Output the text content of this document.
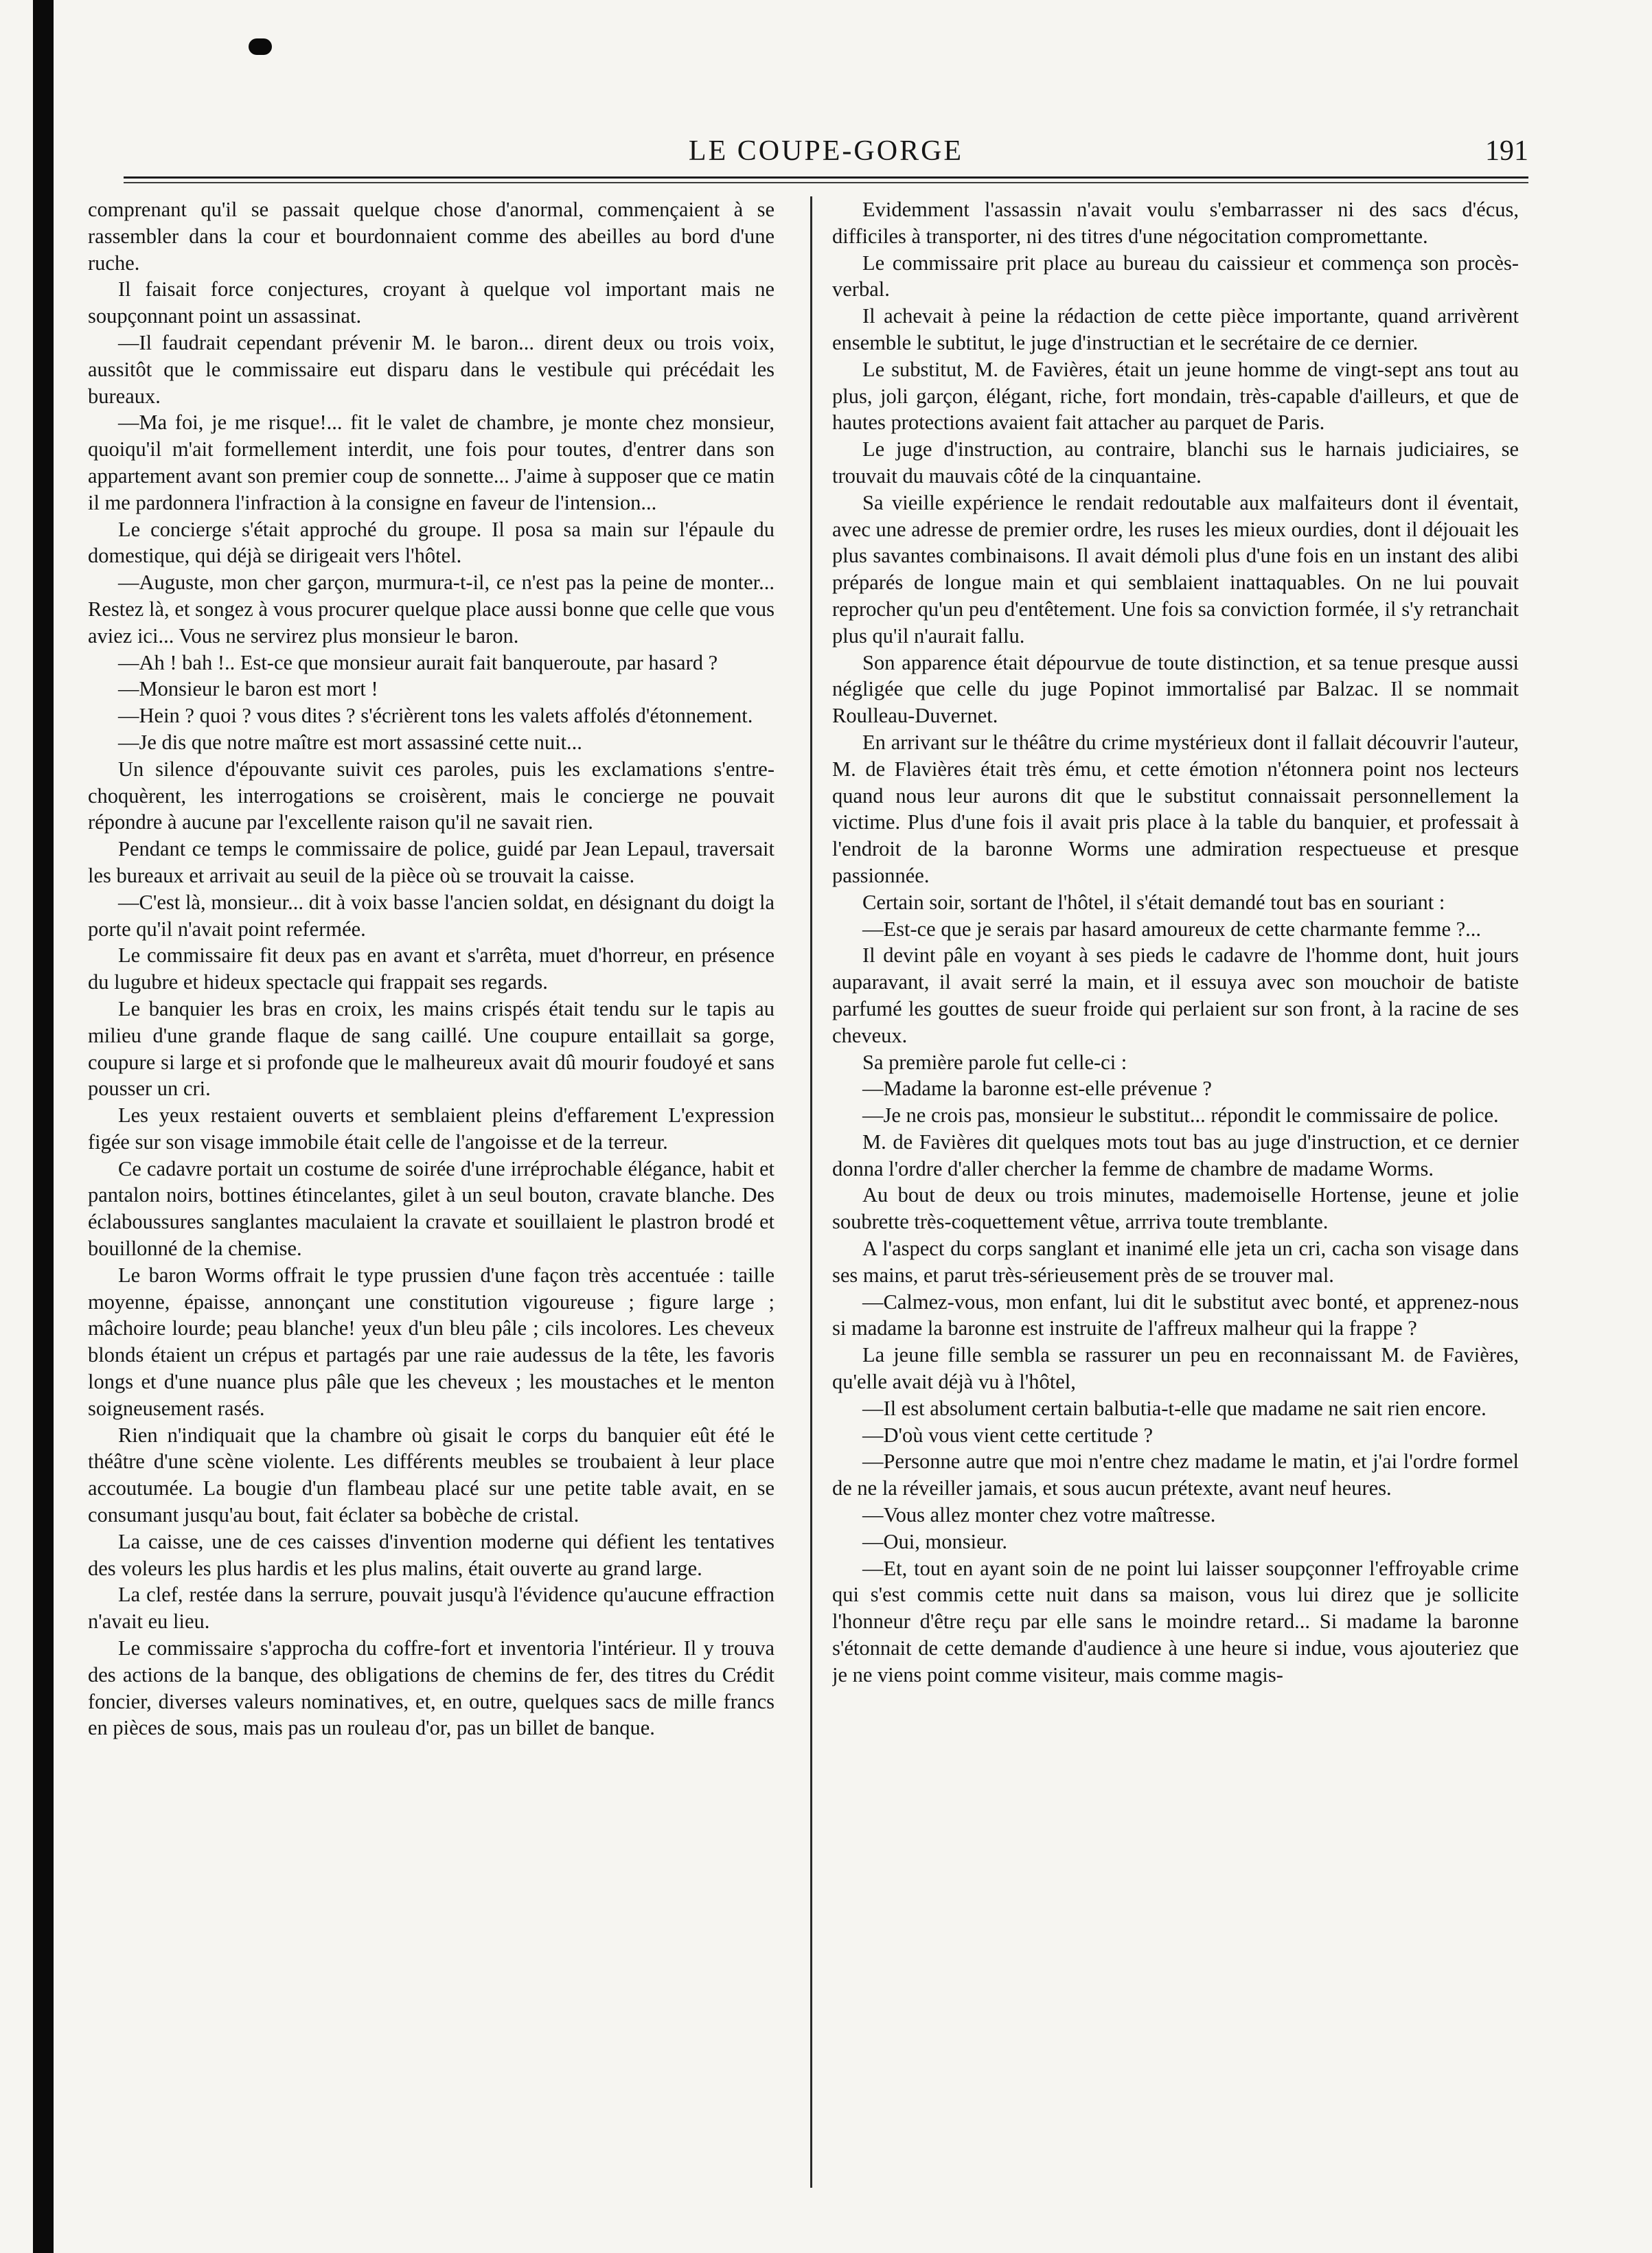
LE COUPE-GORGE	191

comprenant qu'il se passait quelque chose d'anormal, commençaient à se rassembler dans la cour et bourdonnaient comme des abeilles au bord d'une ruche.

Il faisait force conjectures, croyant à quelque vol important mais ne soupçonnant point un assassinat.

—Il faudrait cependant prévenir M. le baron... dirent deux ou trois voix, aussitôt que le commissaire eut disparu dans le vestibule qui précédait les bureaux.

—Ma foi, je me risque!... fit le valet de chambre, je monte chez monsieur, quoiqu'il m'ait formellement interdit, une fois pour toutes, d'entrer dans son appartement avant son premier coup de sonnette... J'aime à supposer que ce matin il me pardonnera l'infraction à la consigne en faveur de l'intension...

Le concierge s'était approché du groupe. Il posa sa main sur l'épaule du domestique, qui déjà se dirigeait vers l'hôtel.

—Auguste, mon cher garçon, murmura-t-il, ce n'est pas la peine de monter... Restez là, et songez à vous procurer quelque place aussi bonne que celle que vous aviez ici... Vous ne servirez plus monsieur le baron.

—Ah ! bah !.. Est-ce que monsieur aurait fait banqueroute, par hasard ?

—Monsieur le baron est mort !

—Hein ? quoi ? vous dites ? s'écrièrent tons les valets affolés d'étonnement.

—Je dis que notre maître est mort assassiné cette nuit...

Un silence d'épouvante suivit ces paroles, puis les exclamations s'entre-choquèrent, les interrogations se croisèrent, mais le concierge ne pouvait répondre à aucune par l'excellente raison qu'il ne savait rien.

Pendant ce temps le commissaire de police, guidé par Jean Lepaul, traversait les bureaux et arrivait au seuil de la pièce où se trouvait la caisse.

—C'est là, monsieur... dit à voix basse l'ancien soldat, en désignant du doigt la porte qu'il n'avait point refermée.

Le commissaire fit deux pas en avant et s'arrêta, muet d'horreur, en présence du lugubre et hideux spectacle qui frappait ses regards.

Le banquier les bras en croix, les mains crispés était tendu sur le tapis au milieu d'une grande flaque de sang caillé. Une coupure entaillait sa gorge, coupure si large et si profonde que le malheureux avait dû mourir foudoyé et sans pousser un cri.

Les yeux restaient ouverts et semblaient pleins d'effarement L'expression figée sur son visage immobile était celle de l'angoisse et de la terreur.

Ce cadavre portait un costume de soirée d'une irréprochable élégance, habit et pantalon noirs, bottines étincelantes, gilet à un seul bouton, cravate blanche. Des éclaboussures sanglantes maculaient la cravate et souillaient le plastron brodé et bouillonné de la chemise.

Le baron Worms offrait le type prussien d'une façon très accentuée : taille moyenne, épaisse, annonçant une constitution vigoureuse ; figure large ; mâchoire lourde; peau blanche! yeux d'un bleu pâle ; cils incolores. Les cheveux blonds étaient un crépus et partagés par une raie audessus de la tête, les favoris longs et d'une nuance plus pâle que les cheveux ; les moustaches et le menton soigneusement rasés.

Rien n'indiquait que la chambre où gisait le corps du banquier eût été le théâtre d'une scène violente. Les différents meubles se troubaient à leur place accoutumée. La bougie d'un flambeau placé sur une petite table avait, en se consumant jusqu'au bout, fait éclater sa bobèche de cristal.

La caisse, une de ces caisses d'invention moderne qui défient les tentatives des voleurs les plus hardis et les plus malins, était ouverte au grand large.

La clef, restée dans la serrure, pouvait jusqu'à l'évidence qu'aucune effraction n'avait eu lieu.

Le commissaire s'approcha du coffre-fort et inventoria l'intérieur. Il y trouva des actions de la banque, des obligations de chemins de fer, des titres du Crédit foncier, diverses valeurs nominatives, et, en outre, quelques sacs de mille francs en pièces de sous, mais pas un rouleau d'or, pas un billet de banque.

Evidemment l'assassin n'avait voulu s'embarrasser ni des sacs d'écus, difficiles à transporter, ni des titres d'une négocitation compromettante.

Le commissaire prit place au bureau du caissieur et commença son procès-verbal.

Il achevait à peine la rédaction de cette pièce importante, quand arrivèrent ensemble le subtitut, le juge d'instructian et le secrétaire de ce dernier.

Le substitut, M. de Favières, était un jeune homme de vingt-sept ans tout au plus, joli garçon, élégant, riche, fort mondain, très-capable d'ailleurs, et que de hautes protections avaient fait attacher au parquet de Paris.

Le juge d'instruction, au contraire, blanchi sus le harnais judiciaires, se trouvait du mauvais côté de la cinquantaine.

Sa vieille expérience le rendait redoutable aux malfaiteurs dont il éventait, avec une adresse de premier ordre, les ruses les mieux ourdies, dont il déjouait les plus savantes combinaisons. Il avait démoli plus d'une fois en un instant des alibi préparés de longue main et qui semblaient inattaquables. On ne lui pouvait reprocher qu'un peu d'entêtement. Une fois sa conviction formée, il s'y retranchait plus qu'il n'aurait fallu.

Son apparence était dépourvue de toute distinction, et sa tenue presque aussi négligée que celle du juge Popinot immortalisé par Balzac. Il se nommait Roulleau-Duvernet.

En arrivant sur le théâtre du crime mystérieux dont il fallait découvrir l'auteur, M. de Flavières était très ému, et cette émotion n'étonnera point nos lecteurs quand nous leur aurons dit que le substitut connaissait personnellement la victime. Plus d'une fois il avait pris place à la table du banquier, et professait à l'endroit de la baronne Worms une admiration respectueuse et presque passionnée.

Certain soir, sortant de l'hôtel, il s'était demandé tout bas en souriant :

—Est-ce que je serais par hasard amoureux de cette charmante femme ?...

Il devint pâle en voyant à ses pieds le cadavre de l'homme dont, huit jours auparavant, il avait serré la main, et il essuya avec son mouchoir de batiste parfumé les gouttes de sueur froide qui perlaient sur son front, à la racine de ses cheveux.

Sa première parole fut celle-ci :

—Madame la baronne est-elle prévenue ?

—Je ne crois pas, monsieur le substitut... répondit le commissaire de police.

M. de Favières dit quelques mots tout bas au juge d'instruction, et ce dernier donna l'ordre d'aller chercher la femme de chambre de madame Worms.

Au bout de deux ou trois minutes, mademoiselle Hortense, jeune et jolie soubrette très-coquettement vêtue, arrriva toute tremblante.

A l'aspect du corps sanglant et inanimé elle jeta un cri, cacha son visage dans ses mains, et parut très-sérieusement près de se trouver mal.

—Calmez-vous, mon enfant, lui dit le substitut avec bonté, et apprenez-nous si madame la baronne est instruite de l'affreux malheur qui la frappe ?

La jeune fille sembla se rassurer un peu en reconnaissant M. de Favières, qu'elle avait déjà vu à l'hôtel,

—Il est absolument certain balbutia-t-elle que madame ne sait rien encore.

—D'où vous vient cette certitude ?

—Personne autre que moi n'entre chez madame le matin, et j'ai l'ordre formel de ne la réveiller jamais, et sous aucun prétexte, avant neuf heures.

—Vous allez monter chez votre maîtresse.

—Oui, monsieur.

—Et, tout en ayant soin de ne point lui laisser soupçonner l'effroyable crime qui s'est commis cette nuit dans sa maison, vous lui direz que je sollicite l'honneur d'être reçu par elle sans le moindre retard... Si madame la baronne s'étonnait de cette demande d'audience à une heure si indue, vous ajouteriez que je ne viens point comme visiteur, mais comme magis-
